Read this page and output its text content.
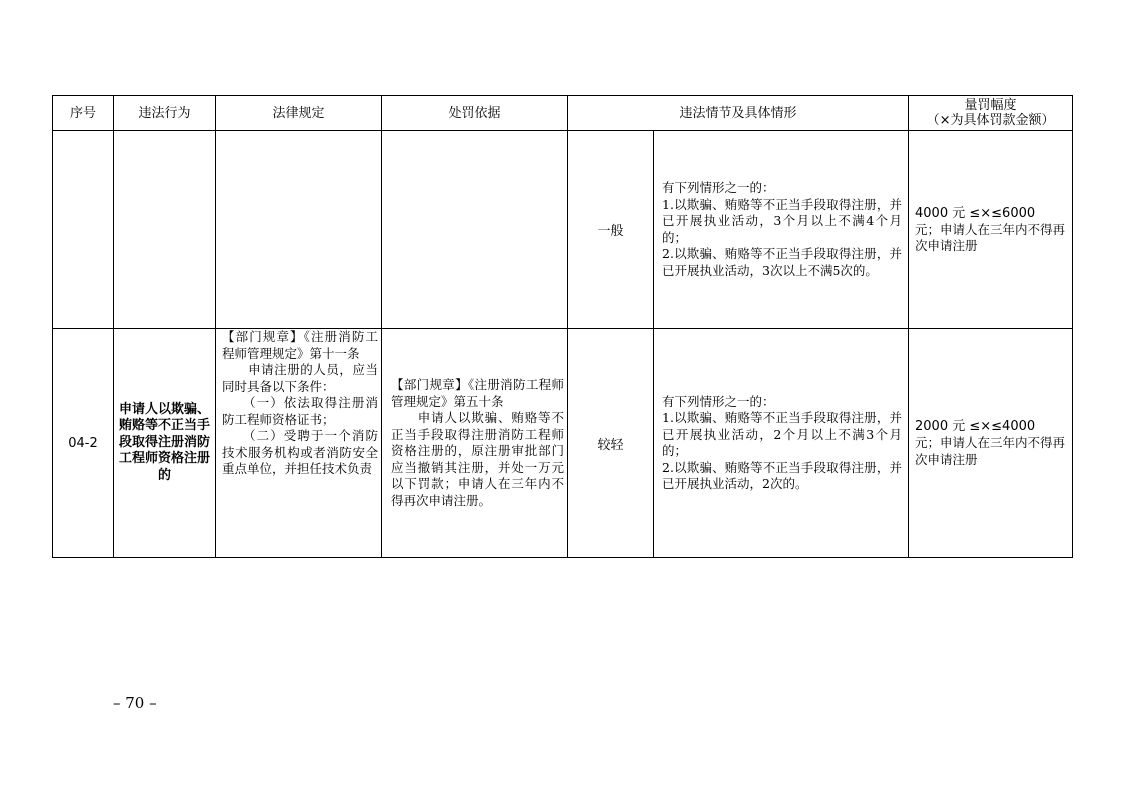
序号	违法行为	法律规定	处罚依据	违法情节及具体情形		量罚幅度
（×为具体罚款金额）

				一般	有下列情形之一的：
1.以欺骗、贿赂等不正当手段取得注册，并已开展执业活动，3个月以上不满4个月的；
2.以欺骗、贿赂等不正当手段取得注册，并已开展执业活动，3次以上不满5次的。	4000 元 ≤×≤6000
元；申请人在三年内不得再次申请注册

04-2	申请人以欺骗、贿赂等不正当手段取得注册消防工程师资格注册的	【部门规章】《注册消防工程师管理规定》第十一条
　　申请注册的人员，应当同时具备以下条件：
　　（一）依法取得注册消防工程师资格证书；
　　（二）受聘于一个消防技术服务机构或者消防安全重点单位，并担任技术负责	【部门规章】《注册消防工程师管理规定》第五十条
　　申请人以欺骗、贿赂等不正当手段取得注册消防工程师资格注册的，原注册审批部门应当撤销其注册，并处一万元以下罚款；申请人在三年内不得再次申请注册。	较轻	有下列情形之一的：
1.以欺骗、贿赂等不正当手段取得注册，并已开展执业活动，2个月以上不满3个月的；
2.以欺骗、贿赂等不正当手段取得注册，并已开展执业活动，2次的。	2000 元 ≤×≤4000
元；申请人在三年内不得再次申请注册
– 70 –
